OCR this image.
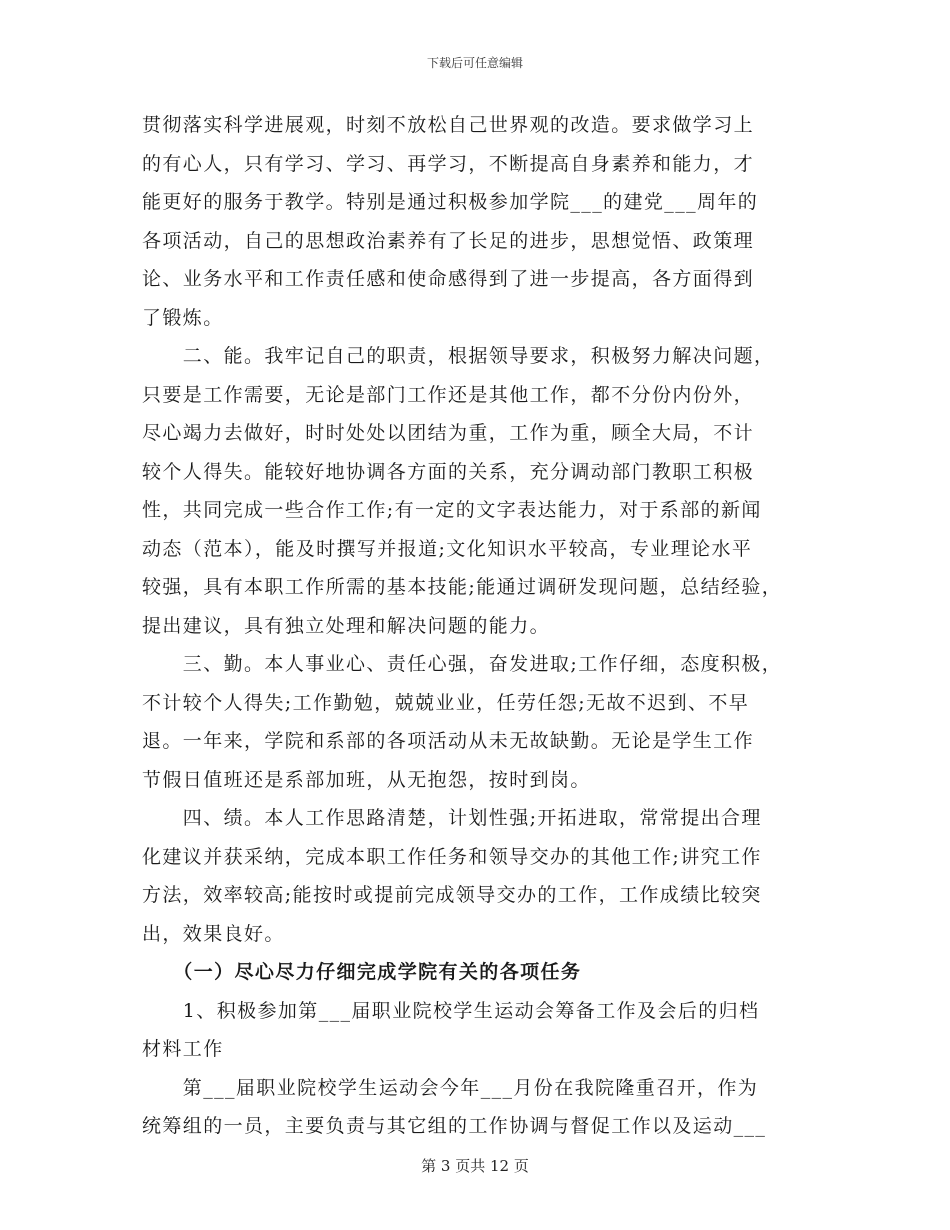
下载后可任意编辑
贯彻落实科学进展观，时刻不放松自己世界观的改造。要求做学习上
的有心人，只有学习、学习、再学习，不断提高自身素养和能力，才
能更好的服务于教学。特别是通过积极参加学院___的建党___周年的
各项活动，自己的思想政治素养有了长足的进步，思想觉悟、政策理
论、业务水平和工作责任感和使命感得到了进一步提高，各方面得到
了锻炼。
　　二、能。我牢记自己的职责，根据领导要求，积极努力解决问题，
只要是工作需要，无论是部门工作还是其他工作，都不分份内份外，
尽心竭力去做好，时时处处以团结为重，工作为重，顾全大局，不计
较个人得失。能较好地协调各方面的关系，充分调动部门教职工积极
性，共同完成一些合作工作;有一定的文字表达能力，对于系部的新闻
动态（范本），能及时撰写并报道;文化知识水平较高，专业理论水平
较强，具有本职工作所需的基本技能;能通过调研发现问题，总结经验，
提出建议，具有独立处理和解决问题的能力。
　　三、勤。本人事业心、责任心强，奋发进取;工作仔细，态度积极，
不计较个人得失;工作勤勉，兢兢业业，任劳任怨;无故不迟到、不早
退。一年来，学院和系部的各项活动从未无故缺勤。无论是学生工作
节假日值班还是系部加班，从无抱怨，按时到岗。
　　四、绩。本人工作思路清楚，计划性强;开拓进取，常常提出合理
化建议并获采纳，完成本职工作任务和领导交办的其他工作;讲究工作
方法，效率较高;能按时或提前完成领导交办的工作，工作成绩比较突
出，效果良好。
　　（一）尽心尽力仔细完成学院有关的各项任务
　　1、积极参加第___届职业院校学生运动会筹备工作及会后的归档
材料工作
　　第___届职业院校学生运动会今年___月份在我院隆重召开，作为
统筹组的一员，主要负责与其它组的工作协调与督促工作以及运动___
第 3 页共 12 页
